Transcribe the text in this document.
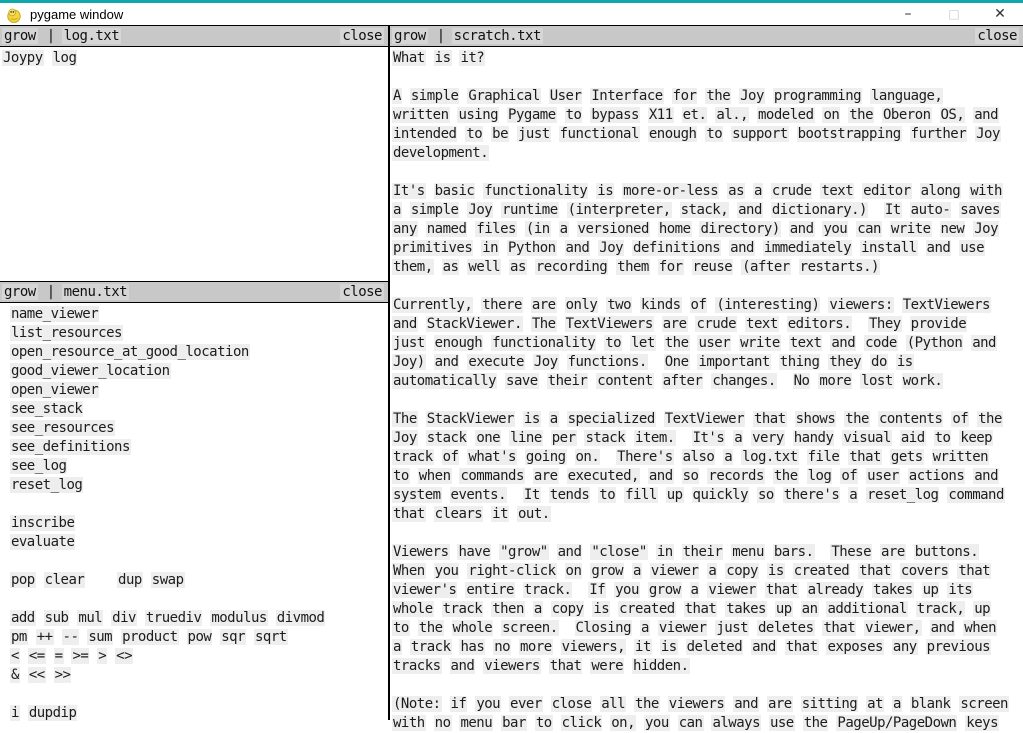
pygame window	–	□	✕
grow | log.txt	close
Joypy log
grow | menu.txt	close
name_viewer
list_resources
open_resource_at_good_location
good_viewer_location
open_viewer
see_stack
see_resources
see_definitions
see_log
reset_log

inscribe
evaluate

pop clear dup swap

add sub mul div truediv modulus divmod
pm ++ -- sum product pow sqr sqrt
< <= = >= > <>
& << >>

i dupdip
grow | scratch.txt	close
What is it?

A simple Graphical User Interface for the Joy programming language,
written using Pygame to bypass X11 et. al., modeled on the Oberon OS, and
intended to be just functional enough to support bootstrapping further Joy
development.

It's basic functionality is more-or-less as a crude text editor along with
a simple Joy runtime (interpreter, stack, and dictionary.) It auto- saves
any named files (in a versioned home directory) and you can write new Joy
primitives in Python and Joy definitions and immediately install and use
them, as well as recording them for reuse (after restarts.)

Currently, there are only two kinds of (interesting) viewers: TextViewers
and StackViewer. The TextViewers are crude text editors. They provide
just enough functionality to let the user write text and code (Python and
Joy) and execute Joy functions. One important thing they do is
automatically save their content after changes. No more lost work.

The StackViewer is a specialized TextViewer that shows the contents of the
Joy stack one line per stack item. It's a very handy visual aid to keep
track of what's going on. There's also a log.txt file that gets written
to when commands are executed, and so records the log of user actions and
system events. It tends to fill up quickly so there's a reset_log command
that clears it out.

Viewers have "grow" and "close" in their menu bars. These are buttons.
When you right-click on grow a viewer a copy is created that covers that
viewer's entire track. If you grow a viewer that already takes up its
whole track then a copy is created that takes up an additional track, up
to the whole screen. Closing a viewer just deletes that viewer, and when
a track has no more viewers, it is deleted and that exposes any previous
tracks and viewers that were hidden.

(Note: if you ever close all the viewers and are sitting at a blank screen
with no menu bar to click on, you can always use the PageUp/PageDown keys
